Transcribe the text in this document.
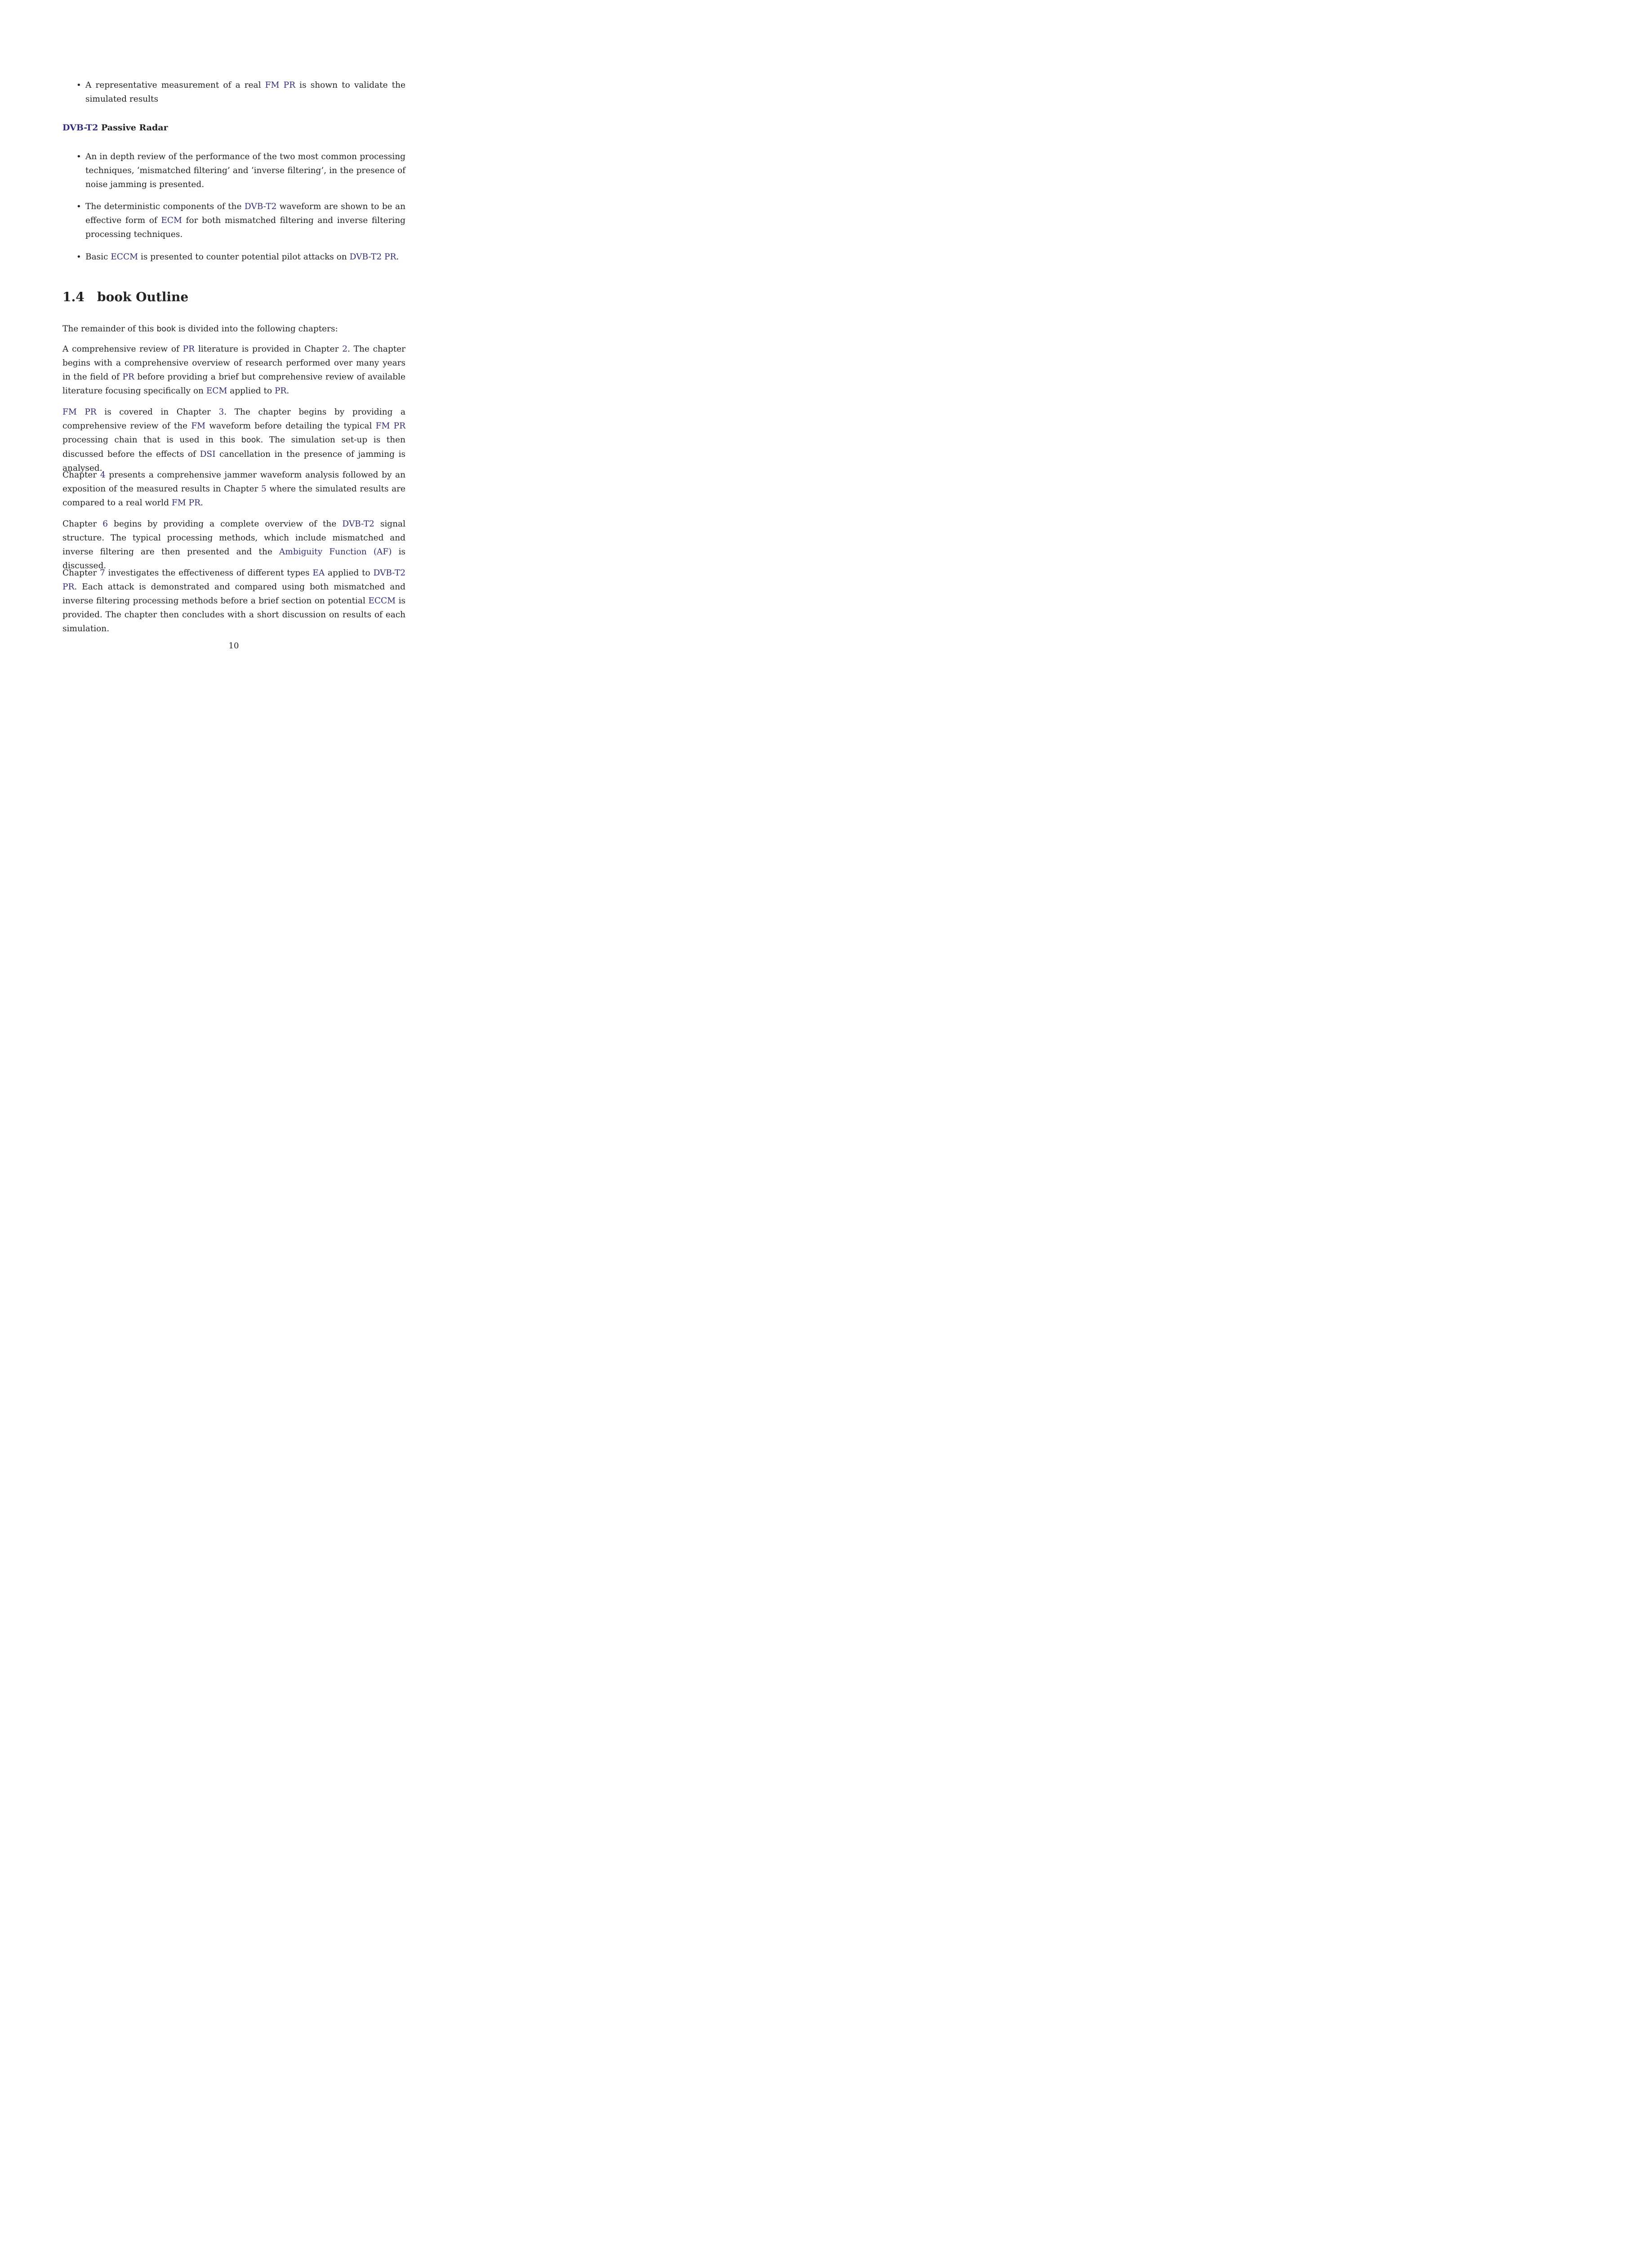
• A representative measurement of a real FM PR is shown to validate the simulated results

DVB-T2 Passive Radar
• An in depth review of the performance of the two most common processing techniques, ‘mismatched filtering’ and ‘inverse filtering’, in the presence of noise jamming is presented.

• The deterministic components of the DVB-T2 waveform are shown to be an effective form of ECM for both mismatched filtering and inverse filtering processing techniques.

• Basic ECCM is presented to counter potential pilot attacks on DVB-T2 PR.

1.4 book Outline

The remainder of this book is divided into the following chapters:

A comprehensive review of PR literature is provided in Chapter 2. The chapter begins with a comprehensive overview of research performed over many years in the field of PR before providing a brief but comprehensive review of available literature focusing specifically on ECM applied to PR.

FM PR is covered in Chapter 3. The chapter begins by providing a comprehensive review of the FM waveform before detailing the typical FM PR processing chain that is used in this book. The simulation set-up is then discussed before the effects of DSI cancellation in the presence of jamming is analysed.

Chapter 4 presents a comprehensive jammer waveform analysis followed by an exposition of the measured results in Chapter 5 where the simulated results are compared to a real world FM PR.

Chapter 6 begins by providing a complete overview of the DVB-T2 signal structure. The typical processing methods, which include mismatched and inverse filtering are then presented and the Ambiguity Function (AF) is discussed.

Chapter 7 investigates the effectiveness of different types EA applied to DVB-T2 PR. Each attack is demonstrated and compared using both mismatched and inverse filtering processing methods before a brief section on potential ECCM is provided. The chapter then concludes with a short discussion on results of each simulation.

10
